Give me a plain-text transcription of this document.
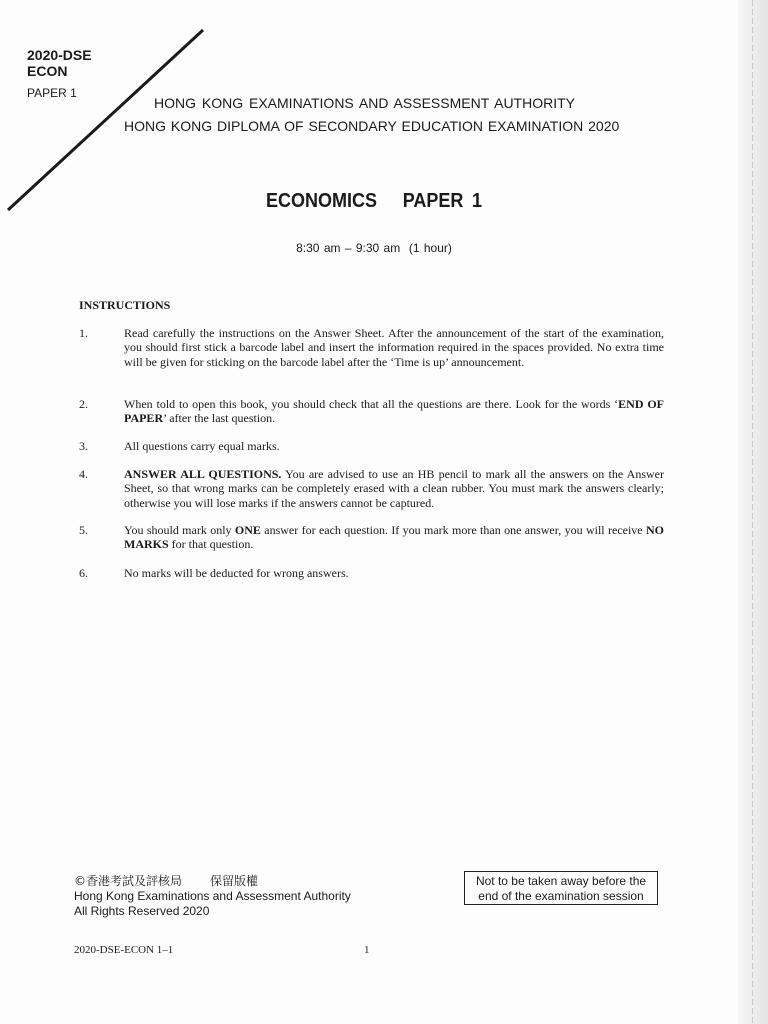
2020-DSE
ECON
PAPER 1
HONG KONG EXAMINATIONS AND ASSESSMENT AUTHORITY
HONG KONG DIPLOMA OF SECONDARY EDUCATION EXAMINATION 2020
ECONOMICS   PAPER 1
8:30 am – 9:30 am  (1 hour)
INSTRUCTIONS
1.	Read carefully the instructions on the Answer Sheet. After the announcement of the start of the examination, you should first stick a barcode label and insert the information required in the spaces provided. No extra time will be given for sticking on the barcode label after the ‘Time is up’ announcement.
2.	When told to open this book, you should check that all the questions are there. Look for the words ‘END OF PAPER’ after the last question.
3.	All questions carry equal marks.
4.	ANSWER ALL QUESTIONS. You are advised to use an HB pencil to mark all the answers on the Answer Sheet, so that wrong marks can be completely erased with a clean rubber. You must mark the answers clearly; otherwise you will lose marks if the answers cannot be captured.
5.	You should mark only ONE answer for each question. If you mark more than one answer, you will receive NO MARKS for that question.
6.	No marks will be deducted for wrong answers.
©香港考試及評核局 保留版權
Hong Kong Examinations and Assessment Authority
All Rights Reserved 2020
Not to be taken away before the
end of the examination session
2020-DSE-ECON 1–1	1
